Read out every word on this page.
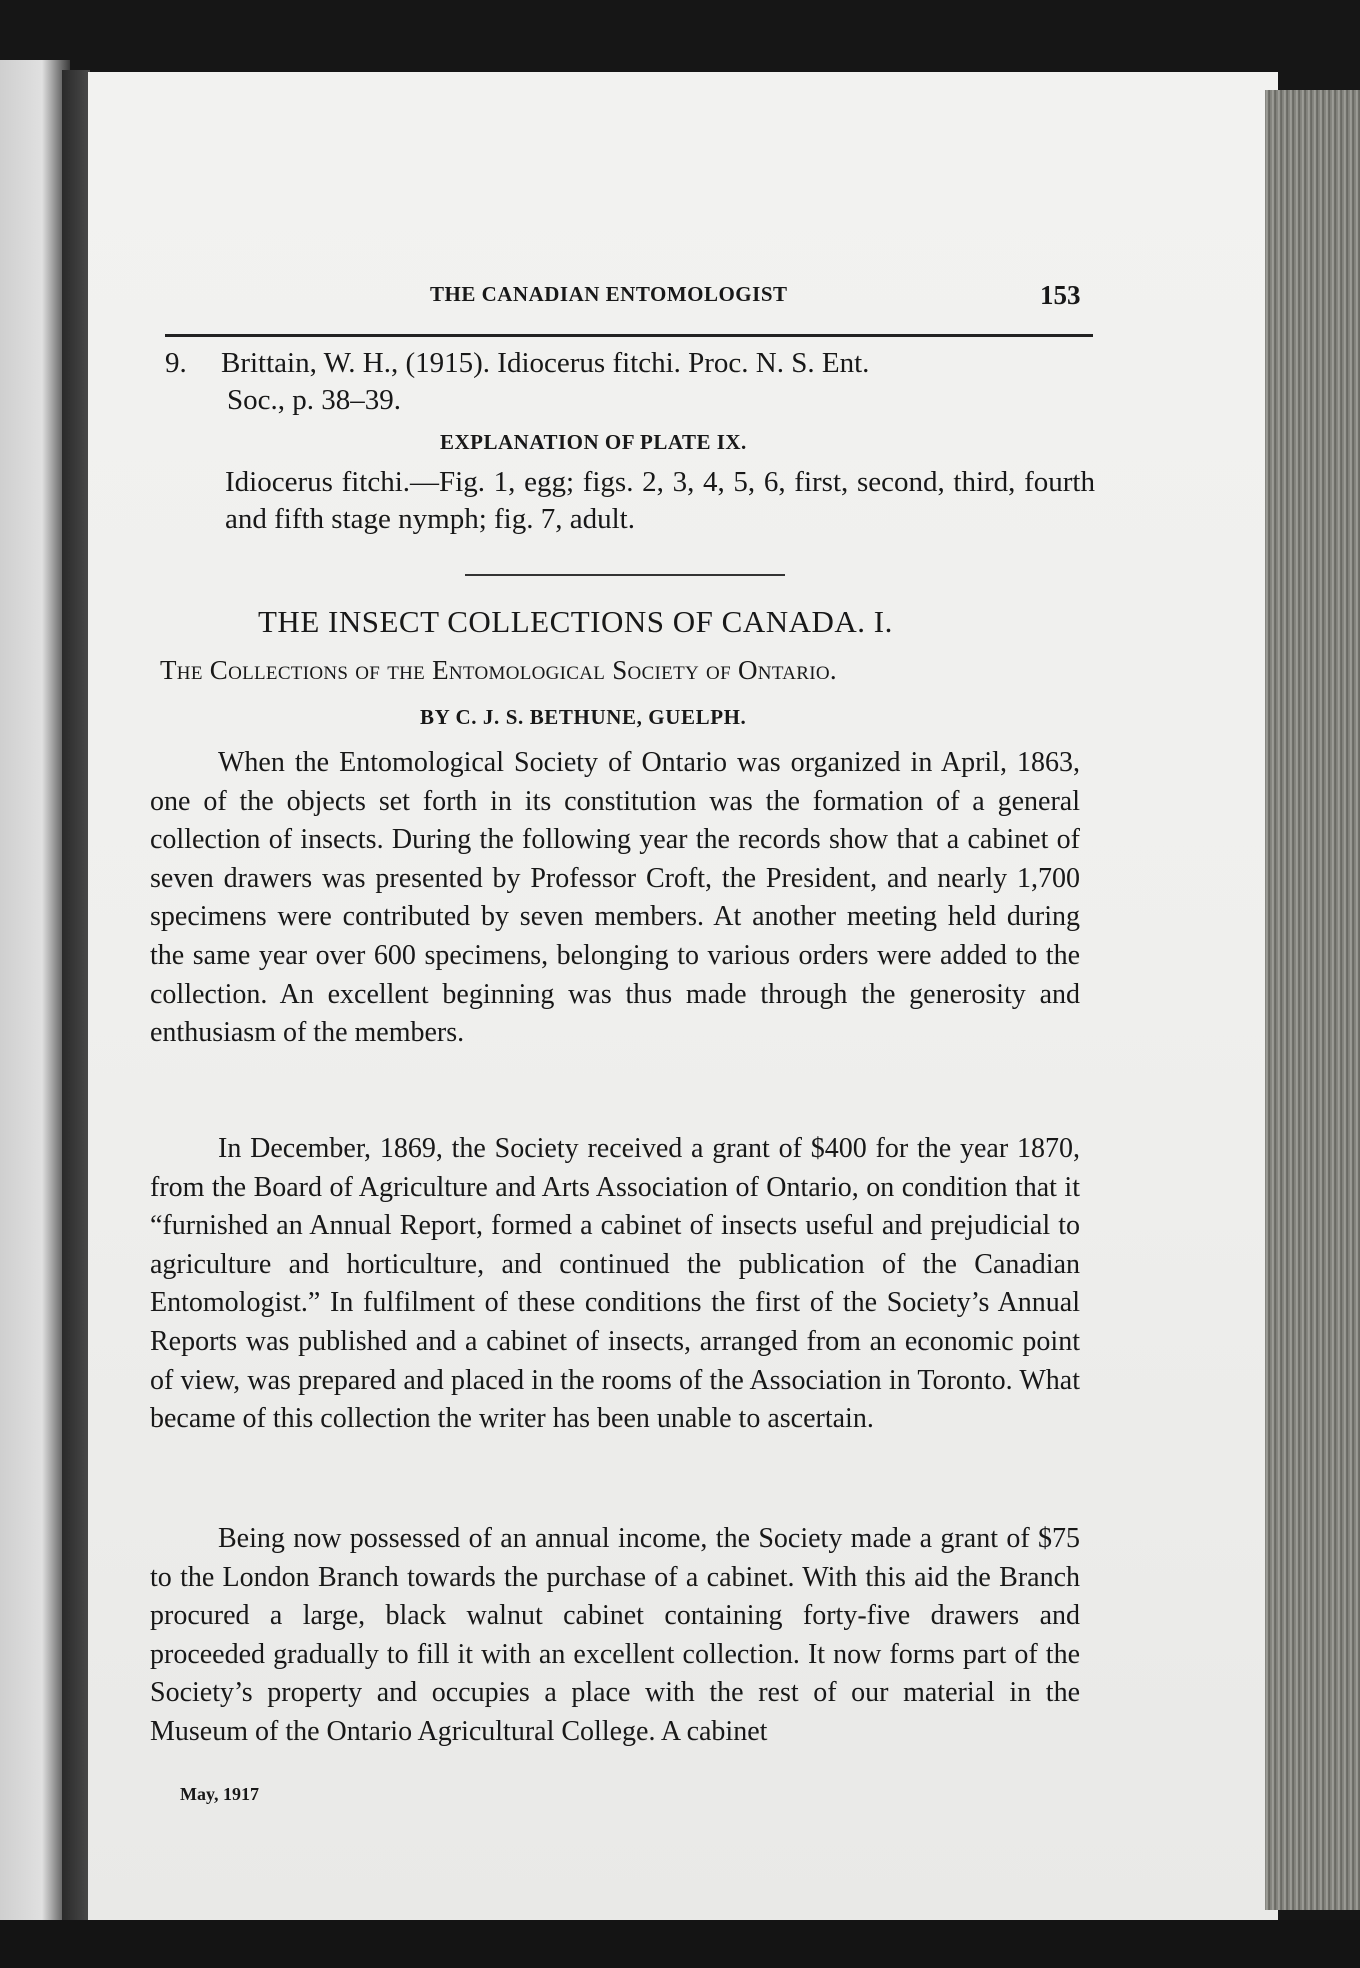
THE CANADIAN ENTOMOLOGIST	153
9. Brittain, W. H., (1915). Idiocerus fitchi. Proc. N. S. Ent.
Soc., p. 38–39.
EXPLANATION OF PLATE IX.
Idiocerus fitchi.—Fig. 1, egg; figs. 2, 3, 4, 5, 6, first, second, third, fourth and fifth stage nymph; fig. 7, adult.
THE INSECT COLLECTIONS OF CANADA. I.
The Collections of the Entomological Society of Ontario.
BY C. J. S. BETHUNE, GUELPH.

When the Entomological Society of Ontario was organized in April, 1863, one of the objects set forth in its constitution was the formation of a general collection of insects. During the following year the records show that a cabinet of seven drawers was presented by Professor Croft, the President, and nearly 1,700 specimens were contributed by seven members. At another meeting held during the same year over 600 specimens, belonging to various orders were added to the collection. An excellent beginning was thus made through the generosity and enthusiasm of the members.

In December, 1869, the Society received a grant of $400 for the year 1870, from the Board of Agriculture and Arts Association of Ontario, on condition that it “furnished an Annual Report, formed a cabinet of insects useful and prejudicial to agriculture and horticulture, and continued the publication of the Canadian Entomologist.” In fulfilment of these conditions the first of the Society’s Annual Reports was published and a cabinet of insects, arranged from an economic point of view, was prepared and placed in the rooms of the Association in Toronto. What became of this collection the writer has been unable to ascertain.

Being now possessed of an annual income, the Society made a grant of $75 to the London Branch towards the purchase of a cabinet. With this aid the Branch procured a large, black walnut cabinet containing forty-five drawers and proceeded gradually to fill it with an excellent collection. It now forms part of the Society’s property and occupies a place with the rest of our material in the Museum of the Ontario Agricultural College. A cabinet

May, 1917
